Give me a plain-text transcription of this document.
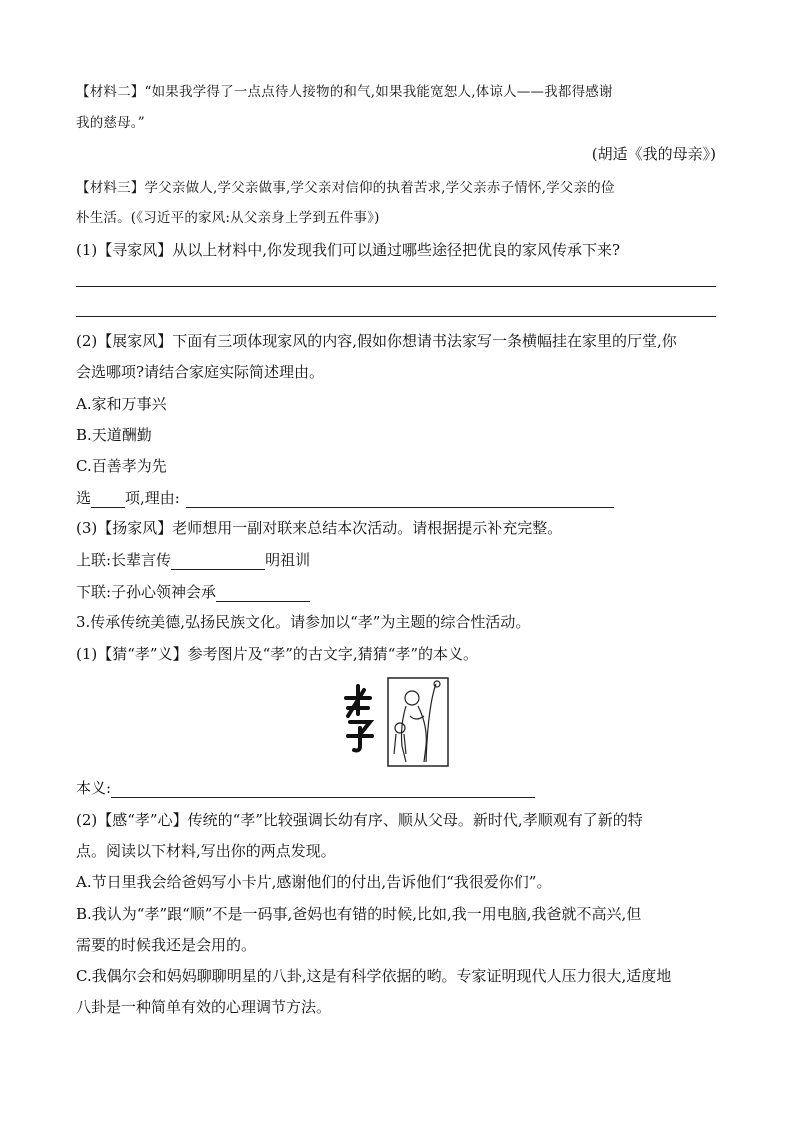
【材料二】“如果我学得了一点点待人接物的和气,如果我能宽恕人,体谅人——我都得感谢
我的慈母。”
(胡适《我的母亲》)
【材料三】学父亲做人,学父亲做事,学父亲对信仰的执着苦求,学父亲赤子情怀,学父亲的俭
朴生活。(《习近平的家风:从父亲身上学到五件事》)
(1)【寻家风】从以上材料中,你发现我们可以通过哪些途径把优良的家风传承下来?
(2)【展家风】下面有三项体现家风的内容,假如你想请书法家写一条横幅挂在家里的厅堂,你
会选哪项?请结合家庭实际简述理由。
A.家和万事兴
B.天道酬勤
C.百善孝为先
选 项,理由:
(3)【扬家风】老师想用一副对联来总结本次活动。请根据提示补充完整。
上联:长辈言传	明祖训
下联:子孙心领神会承
3.传承传统美德,弘扬民族文化。请参加以“孝”为主题的综合性活动。
(1)【猜“孝”义】参考图片及“孝”的古文字,猜猜“孝”的本义。
本义:
(2)【感“孝”心】传统的“孝”比较强调长幼有序、顺从父母。新时代,孝顺观有了新的特
点。阅读以下材料,写出你的两点发现。
A.节日里我会给爸妈写小卡片,感谢他们的付出,告诉他们“我很爱你们”。
B.我认为“孝”跟“顺”不是一码事,爸妈也有错的时候,比如,我一用电脑,我爸就不高兴,但
需要的时候我还是会用的。
C.我偶尔会和妈妈聊聊明星的八卦,这是有科学依据的哟。专家证明现代人压力很大,适度地
八卦是一种简单有效的心理调节方法。
